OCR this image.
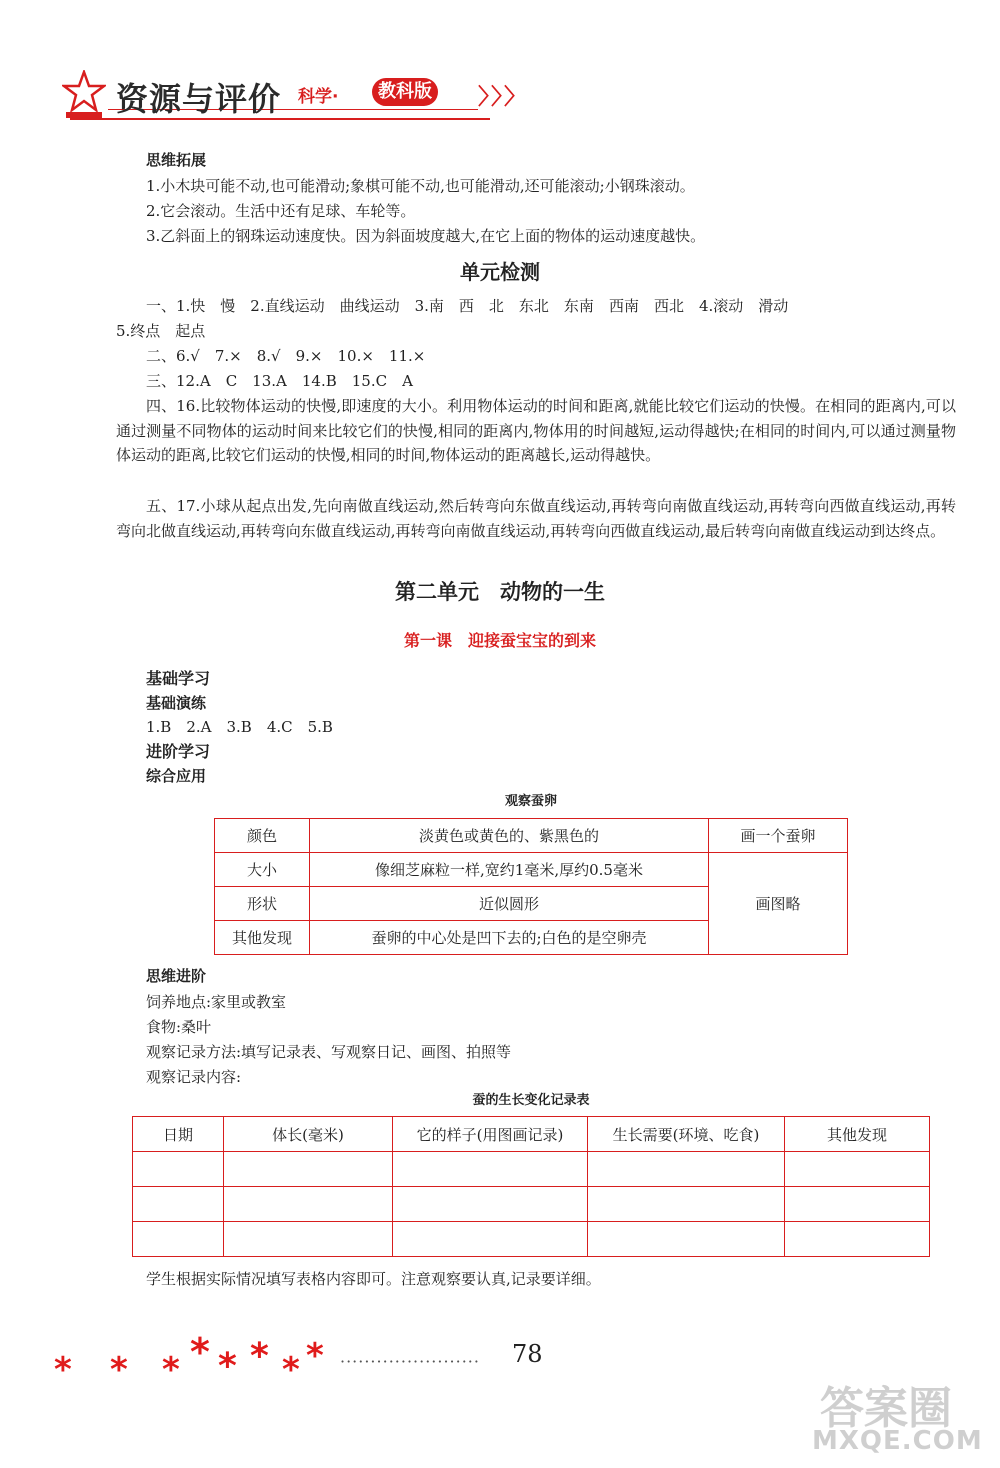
资源与评价 科学·	教科版 〉〉〉
思维拓展
1.小木块可能不动,也可能滑动;象棋可能不动,也可能滑动,还可能滚动;小钢珠滚动。
2.它会滚动。生活中还有足球、车轮等。
3.乙斜面上的钢珠运动速度快。因为斜面坡度越大,在它上面的物体的运动速度越快。
单元检测
一、1.快　慢　2.直线运动　曲线运动　3.南　西　北　东北　东南　西南　西北　4.滚动　滑动
5.终点　起点
二、6.√　7.×　8.√　9.×　10.×　11.×
三、12.A　C　13.A　14.B　15.C　A
四、16.比较物体运动的快慢,即速度的大小。利用物体运动的时间和距离,就能比较它们运动的快慢。在相同的距离内,可以通过测量不同物体的运动时间来比较它们的快慢,相同的距离内,物体用的时间越短,运动得越快;在相同的时间内,可以通过测量物体运动的距离,比较它们运动的快慢,相同的时间,物体运动的距离越长,运动得越快。
五、17.小球从起点出发,先向南做直线运动,然后转弯向东做直线运动,再转弯向南做直线运动,再转弯向西做直线运动,再转弯向北做直线运动,再转弯向东做直线运动,再转弯向南做直线运动,再转弯向西做直线运动,最后转弯向南做直线运动到达终点。
第二单元　动物的一生
第一课　迎接蚕宝宝的到来
基础学习
基础演练
1.B　2.A　3.B　4.C　5.B
进阶学习
综合应用
观察蚕卵
颜色	淡黄色或黄色的、紫黑色的	画一个蚕卵
大小	像细芝麻粒一样,宽约1毫米,厚约0.5毫米	画图略
形状	近似圆形	
其他发现	蚕卵的中心处是凹下去的;白色的是空卵壳	
思维进阶
饲养地点:家里或教室
食物:桑叶
观察记录方法:填写记录表、写观察日记、画图、拍照等
观察记录内容:
蚕的生长变化记录表
日期	体长(毫米)	它的样子(用图画记录)	生长需要(环境、吃食)	其他发现

学生根据实际情况填写表格内容即可。注意观察要认真,记录要详细。
* * * * * * * * ······················· 78
答案圈
MXQE.COM
